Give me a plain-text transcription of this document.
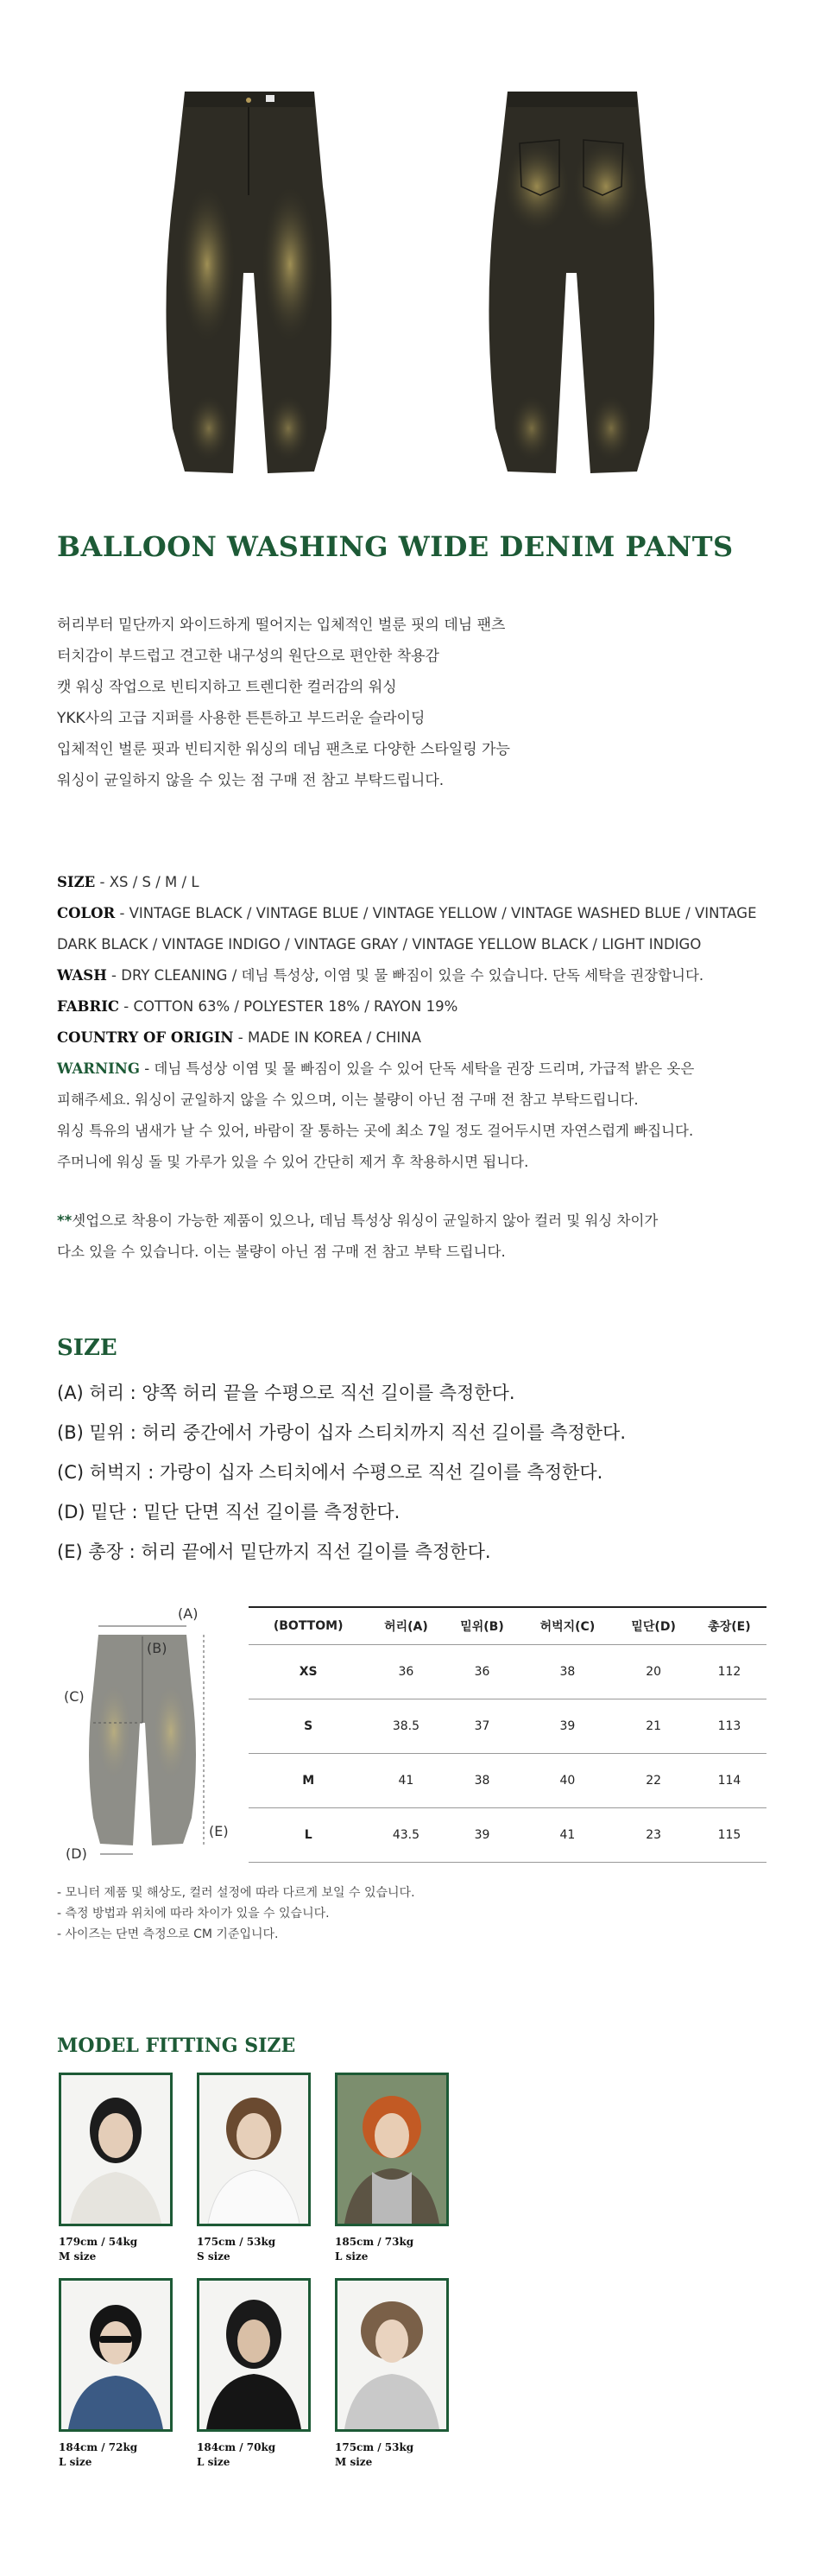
BALLOON WASHING WIDE DENIM PANTS
허리부터 밑단까지 와이드하게 떨어지는 입체적인 벌룬 핏의 데님 팬츠
터치감이 부드럽고 견고한 내구성의 원단으로 편안한 착용감
캣 워싱 작업으로 빈티지하고 트렌디한 컬러감의 워싱
YKK사의 고급 지퍼를 사용한 튼튼하고 부드러운 슬라이딩
입체적인 벌룬 핏과 빈티지한 워싱의 데님 팬츠로 다양한 스타일링 가능
워싱이 균일하지 않을 수 있는 점 구매 전 참고 부탁드립니다.
SIZE - XS / S / M / L
COLOR - VINTAGE BLACK / VINTAGE BLUE / VINTAGE YELLOW / VINTAGE WASHED BLUE / VINTAGE
DARK BLACK / VINTAGE INDIGO / VINTAGE GRAY / VINTAGE YELLOW BLACK / LIGHT INDIGO
WASH - DRY CLEANING / 데님 특성상, 이염 및 물 빠짐이 있을 수 있습니다. 단독 세탁을 권장합니다.
FABRIC - COTTON 63% / POLYESTER 18% / RAYON 19%
COUNTRY OF ORIGIN - MADE IN KOREA / CHINA
WARNING - 데님 특성상 이염 및 물 빠짐이 있을 수 있어 단독 세탁을 권장 드리며, 가급적 밝은 옷은
피해주세요. 워싱이 균일하지 않을 수 있으며, 이는 불량이 아닌 점 구매 전 참고 부탁드립니다.
워싱 특유의 냄새가 날 수 있어, 바람이 잘 통하는 곳에 최소 7일 정도 걸어두시면 자연스럽게 빠집니다.
주머니에 워싱 돌 및 가루가 있을 수 있어 간단히 제거 후 착용하시면 됩니다.
**셋업으로 착용이 가능한 제품이 있으나, 데님 특성상 워싱이 균일하지 않아 컬러 및 워싱 차이가
다소 있을 수 있습니다. 이는 불량이 아닌 점 구매 전 참고 부탁 드립니다.
SIZE
(A) 허리 : 양쪽 허리 끝을 수평으로 직선 길이를 측정한다.
(B) 밑위 : 허리 중간에서 가랑이 십자 스티치까지 직선 길이를 측정한다.
(C) 허벅지 : 가랑이 십자 스티치에서 수평으로 직선 길이를 측정한다.
(D) 밑단 : 밑단 단면 직선 길이를 측정한다.
(E) 총장 : 허리 끝에서 밑단까지 직선 길이를 측정한다.
(A)
(B)
(C)
(D)
(E)
(BOTTOM)	허리(A)	밑위(B)	허벅지(C)	밑단(D)	총장(E)
XS	36	36	38	20	112
S	38.5	37	39	21	113
M	41	38	40	22	114
L	43.5	39	41	23	115
- 모니터 제품 및 해상도, 컬러 설정에 따라 다르게 보일 수 있습니다.
- 측정 방법과 위치에 따라 차이가 있을 수 있습니다.
- 사이즈는 단면 측정으로 CM 기준입니다.
MODEL FITTING SIZE
179cm / 54kg
M size
175cm / 53kg
S size
185cm / 73kg
L size
184cm / 72kg
L size
184cm / 70kg
L size
175cm / 53kg
M size
